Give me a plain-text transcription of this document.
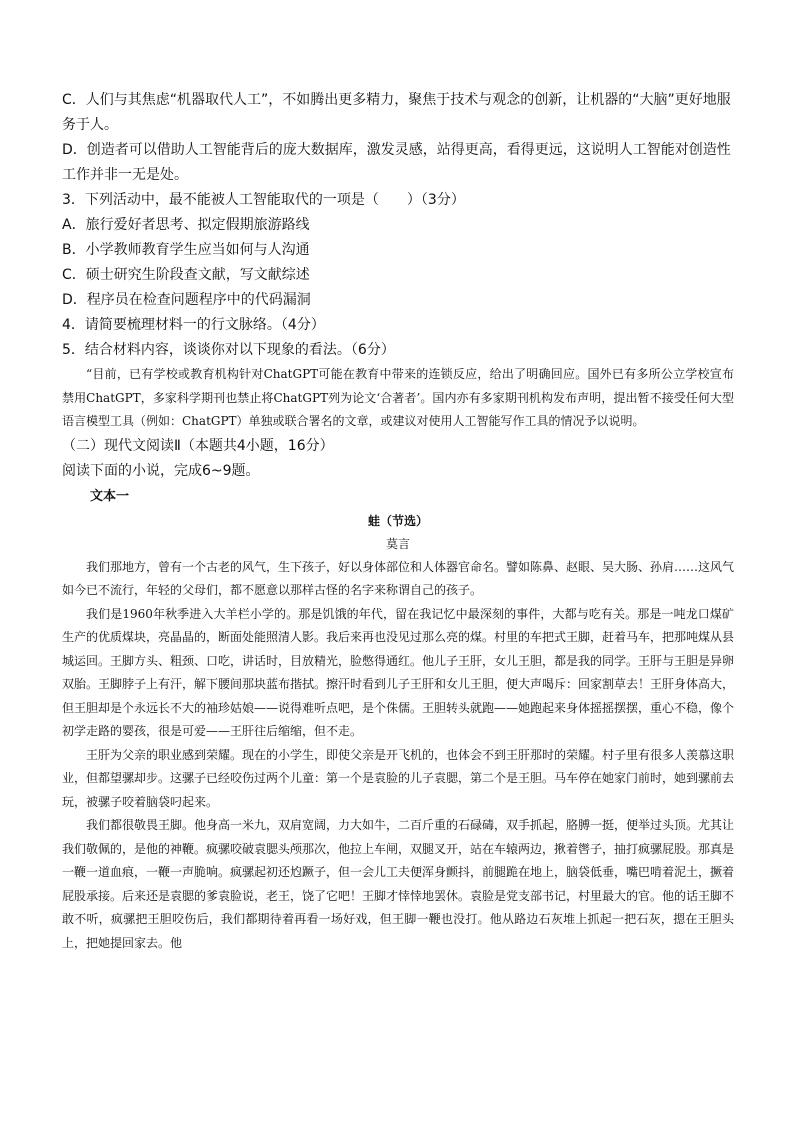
C．人们与其焦虑“机器取代人工”，不如腾出更多精力，聚焦于技术与观念的创新，让机器的“大脑”更好地服务于人。

D．创造者可以借助人工智能背后的庞大数据库，激发灵感，站得更高，看得更远，这说明人工智能对创造性工作并非一无是处。

3．下列活动中，最不能被人工智能取代的一项是（　　）（3分）

A．旅行爱好者思考、拟定假期旅游路线

B．小学教师教育学生应当如何与人沟通

C．硕士研究生阶段查文献，写文献综述

D．程序员在检查问题程序中的代码漏洞

4．请简要梳理材料一的行文脉络。（4分）

5．结合材料内容，谈谈你对以下现象的看法。（6分）

“目前，已有学校或教育机构针对ChatGPT可能在教育中带来的连锁反应，给出了明确回应。国外已有多所公立学校宣布禁用ChatGPT，多家科学期刊也禁止将ChatGPT列为论文‘合著者’。国内亦有多家期刊机构发布声明，提出暂不接受任何大型语言模型工具（例如：ChatGPT）单独或联合署名的文章，或建议对使用人工智能写作工具的情况予以说明。

（二）现代文阅读Ⅱ（本题共4小题，16分）

阅读下面的小说，完成6~9题。

文本一

蛙（节选）

莫言

我们那地方，曾有一个古老的风气，生下孩子，好以身体部位和人体器官命名。譬如陈鼻、赵眼、吴大肠、孙肩……这风气如今已不流行，年轻的父母们，都不愿意以那样古怪的名字来称谓自己的孩子。

我们是1960年秋季进入大羊栏小学的。那是饥饿的年代，留在我记忆中最深刻的事件，大都与吃有关。那是一吨龙口煤矿生产的优质煤块，亮晶晶的，断面处能照清人影。我后来再也没见过那么亮的煤。村里的车把式王脚，赶着马车，把那吨煤从县城运回。王脚方头、粗颈、口吃，讲话时，目放精光，脸憋得通红。他儿子王肝，女儿王胆，都是我的同学。王肝与王胆是异卵双胎。王脚脖子上有汗，解下腰间那块蓝布揩拭。擦汗时看到儿子王肝和女儿王胆，便大声喝斥：回家割草去！王肝身体高大，但王胆却是个永远长不大的袖珍姑娘——说得难听点吧，是个侏儒。王胆转头就跑——她跑起来身体摇摇摆摆，重心不稳，像个初学走路的婴孩，很是可爱——王肝往后缩缩，但不走。

王肝为父亲的职业感到荣耀。现在的小学生，即使父亲是开飞机的，也体会不到王肝那时的荣耀。村子里有很多人羡慕这职业，但都望骡却步。这骡子已经咬伤过两个儿童：第一个是袁脸的儿子袁腮，第二个是王胆。马车停在她家门前时，她到骡前去玩，被骡子咬着脑袋叼起来。

我们都很敬畏王脚。他身高一米九，双肩宽阔，力大如牛，二百斤重的石碌碡，双手抓起，胳膊一挺，便举过头顶。尤其让我们敬佩的，是他的神鞭。疯骡咬破袁腮头颅那次，他拉上车闸，双腿叉开，站在车辕两边，揪着辔子，抽打疯骡屁股。那真是一鞭一道血痕，一鞭一声脆响。疯骡起初还尥蹶子，但一会儿工夫便浑身颤抖，前腿跪在地上，脑袋低垂，嘴巴啃着泥土，撅着屁股承接。后来还是袁腮的爹袁脸说，老王，饶了它吧！王脚才悻悻地罢休。袁脸是党支部书记，村里最大的官。他的话王脚不敢不听，疯骡把王胆咬伤后，我们都期待着再看一场好戏，但王脚一鞭也没打。他从路边石灰堆上抓起一把石灰，摁在王胆头上，把她提回家去。他
